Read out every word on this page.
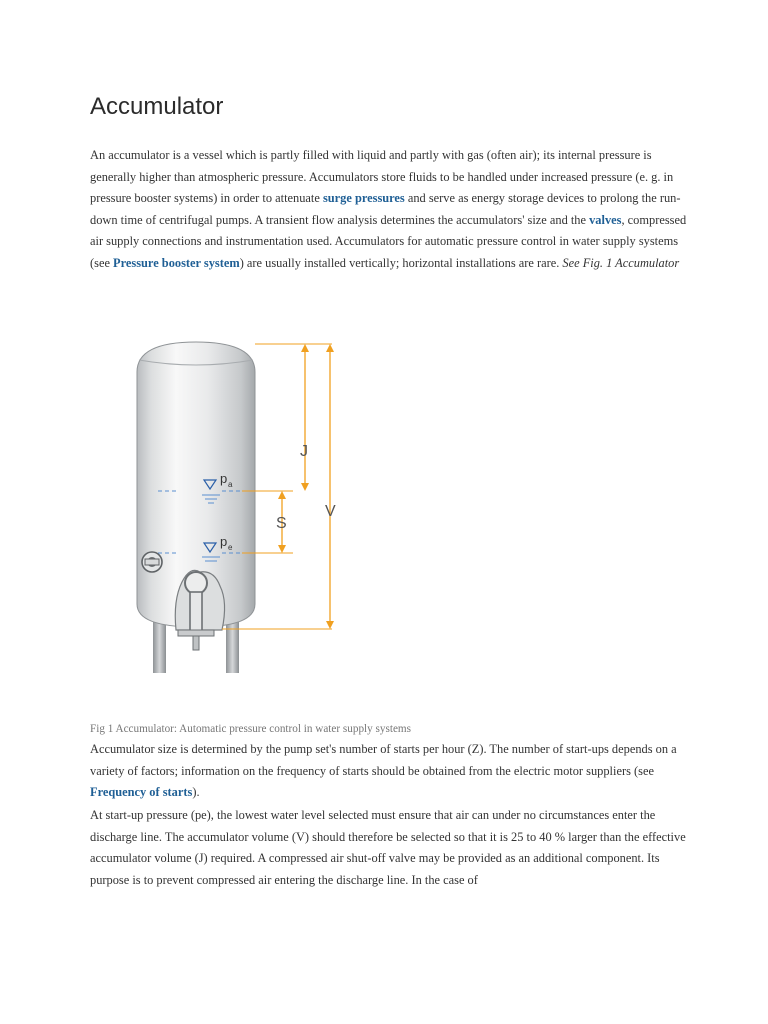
Accumulator

An accumulator is a vessel which is partly filled with liquid and partly with gas (often air); its internal pressure is generally higher than atmospheric pressure. Accumulators store fluids to be handled under increased pressure (e. g. in pressure booster systems) in order to attenuate surge pressures and serve as energy storage devices to prolong the run-down time of centrifugal pumps. A transient flow analysis determines the accumulators' size and the valves, compressed air supply connections and instrumentation used. Accumulators for automatic pressure control in water supply systems (see Pressure booster system) are usually installed vertically; horizontal installations are rare. See Fig. 1 Accumulator

p a
p e
J
V
S

Fig 1 Accumulator: Automatic pressure control in water supply systems

Accumulator size is determined by the pump set's number of starts per hour (Z). The number of start-ups depends on a variety of factors; information on the frequency of starts should be obtained from the electric motor suppliers (see Frequency of starts).

At start-up pressure (pe), the lowest water level selected must ensure that air can under no circumstances enter the discharge line. The accumulator volume (V) should therefore be selected so that it is 25 to 40 % larger than the effective accumulator volume (J) required. A compressed air shut-off valve may be provided as an additional component. Its purpose is to prevent compressed air entering the discharge line. In the case of
